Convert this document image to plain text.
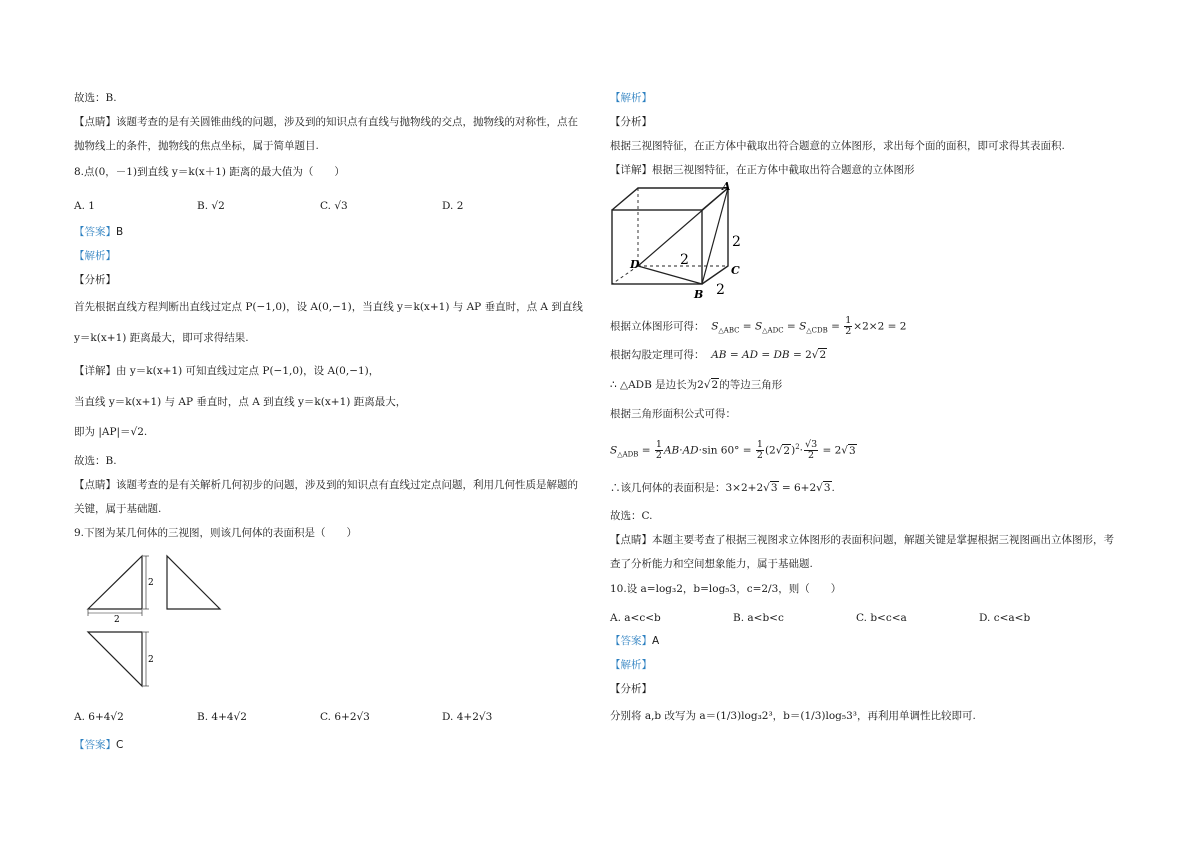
故选：B.
【点睛】该题考查的是有关圆锥曲线的问题，涉及到的知识点有直线与抛物线的交点，抛物线的对称性，点在
抛物线上的条件，抛物线的焦点坐标，属于简单题目.
8.点(0，－1)到直线 y＝k(x＋1) 距离的最大值为（　　）
A. 1	B. √2	C. √3	D. 2
【答案】B
【解析】
【分析】
首先根据直线方程判断出直线过定点 P(−1,0)，设 A(0,−1)，当直线 y＝k(x+1) 与 AP 垂直时，点 A 到直线
y＝k(x+1) 距离最大，即可求得结果.
【详解】由 y＝k(x+1) 可知直线过定点 P(−1,0)，设 A(0,−1)，
当直线 y＝k(x+1) 与 AP 垂直时，点 A 到直线 y＝k(x+1) 距离最大，
即为 |AP|＝√2.
故选：B.
【点睛】该题考查的是有关解析几何初步的问题，涉及到的知识点有直线过定点问题，利用几何性质是解题的
关键，属于基础题.
9.下图为某几何体的三视图，则该几何体的表面积是（　　）
2
2
2
A. 6+4√2	B. 4+4√2	C. 6+2√3	D. 4+2√3
【答案】C
【解析】
【分析】
根据三视图特征，在正方体中截取出符合题意的立体图形，求出每个面的面积，即可求得其表面积.
【详解】根据三视图特征，在正方体中截取出符合题意的立体图形
A
2
D	2
C
B 2
根据立体图形可得： $S_{\triangle ABC} = S_{\triangle ADC} = S_{\triangle CDB} = \frac{1}{2} \times 2\times 2 = 2$
根据勾股定理可得： AB = AD = DB = 2√2
∴ △ADB 是边长为2√2的等边三角形
根据三角形面积公式可得：
$S_{\triangle ADB} = \frac{1}{2} AB\cdot AD\cdot\sin$ $60^\circ = \frac{1}{2} (2√2)^2\cdot \frac{√3}{2} = 2√3$
∴该几何体的表面积是：3×2+2√3 = 6+2√3.
故选：C.
【点睛】本题主要考查了根据三视图求立体图形的表面积问题，解题关键是掌握根据三视图画出立体图形，考
查了分析能力和空间想象能力，属于基础题.
10.设 a=log₃2，b=log₅3，c=2/3，则（　　）
A. a<c<b	B. a<b<c	C. b<c<a	D. c<a<b
【答案】A
【解析】
【分析】
分别将 a,b 改写为 a＝(1/3)log₃2³，b＝(1/3)log₅3³，再利用单调性比较即可.
